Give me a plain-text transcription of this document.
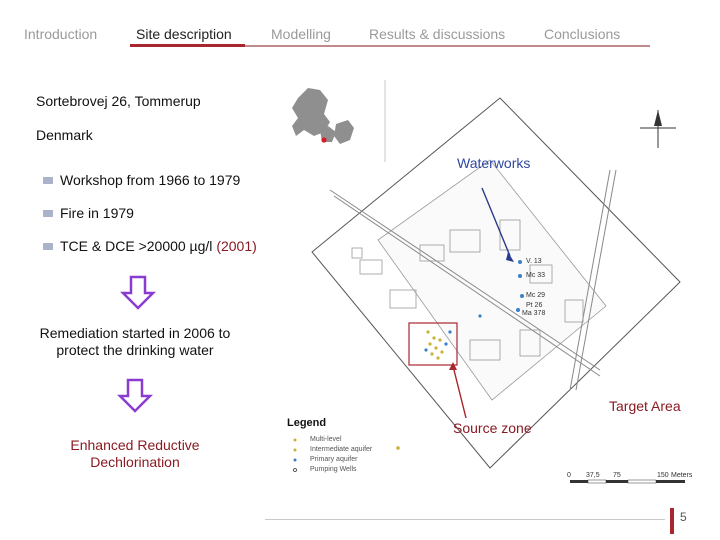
Introduction	Site description	Modelling	Results & discussions	Conclusions
Sortebrovej 26, Tommerup
Denmark
Workshop from 1966 to 1979
Fire in 1979
TCE & DCE >20000 µg/l (2001)
Remediation started in 2006 to
protect the drinking water
Enhanced Reductive
Dechlorination
Waterworks
Source zone
Target Area
Legend
Multi-level
Intermediate aquifer
Primary aquifer
Pumping Wells
0 37,5 75	150 Meters
V. 13
Mc 33
Mc 29
Pt 26
Ma 378
5
